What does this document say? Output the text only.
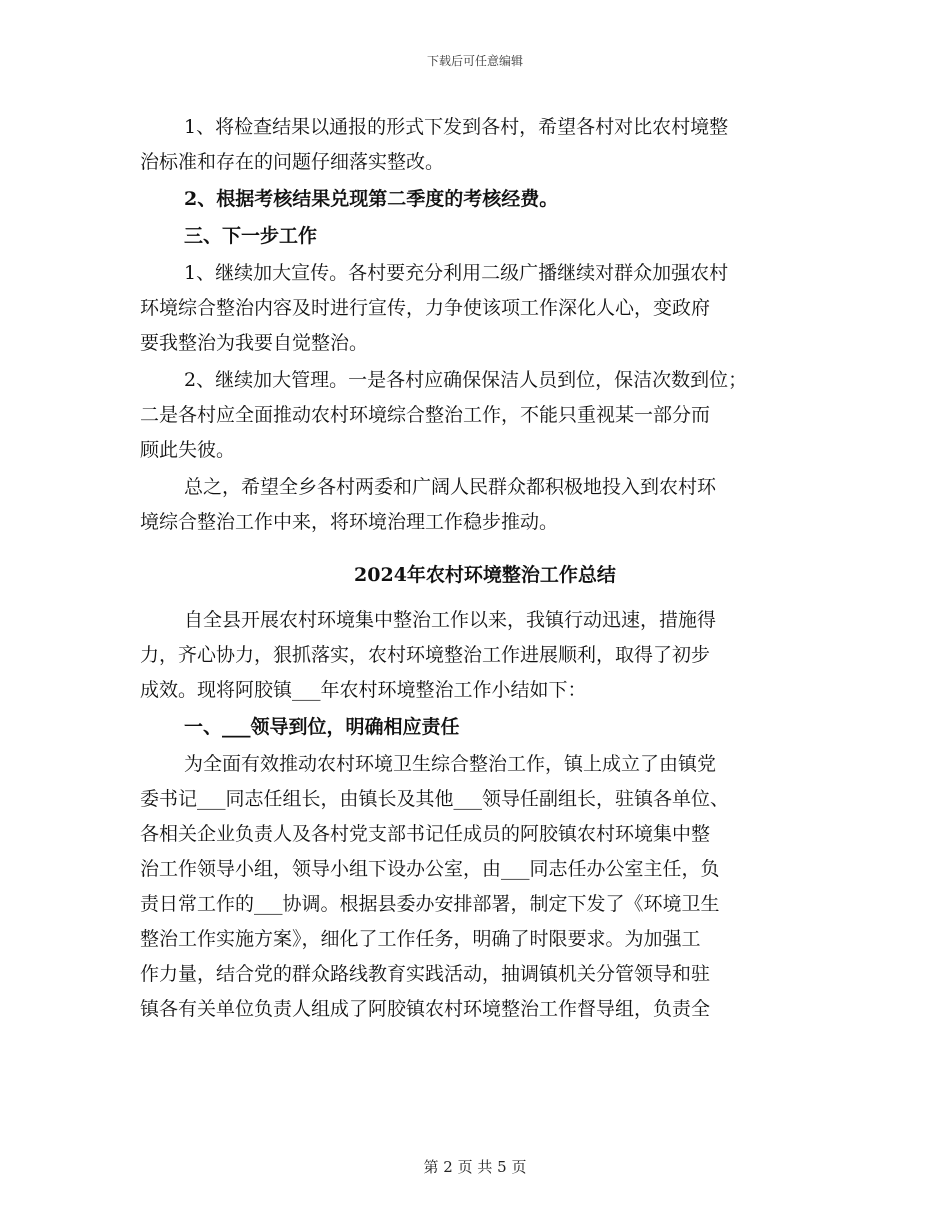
下载后可任意编辑
1、将检查结果以通报的形式下发到各村，希望各村对比农村境整
治标准和存在的问题仔细落实整改。
2、根据考核结果兑现第二季度的考核经费。
三、下一步工作
1、继续加大宣传。各村要充分利用二级广播继续对群众加强农村
环境综合整治内容及时进行宣传，力争使该项工作深化人心，变政府
要我整治为我要自觉整治。
2、继续加大管理。一是各村应确保保洁人员到位，保洁次数到位；
二是各村应全面推动农村环境综合整治工作，不能只重视某一部分而
顾此失彼。
总之，希望全乡各村两委和广阔人民群众都积极地投入到农村环
境综合整治工作中来，将环境治理工作稳步推动。
2024年农村环境整治工作总结
自全县开展农村环境集中整治工作以来，我镇行动迅速，措施得
力，齐心协力，狠抓落实，农村环境整治工作进展顺利，取得了初步
成效。现将阿胶镇___年农村环境整治工作小结如下：
一、___领导到位，明确相应责任
为全面有效推动农村环境卫生综合整治工作，镇上成立了由镇党
委书记___同志任组长，由镇长及其他___领导任副组长，驻镇各单位、
各相关企业负责人及各村党支部书记任成员的阿胶镇农村环境集中整
治工作领导小组，领导小组下设办公室，由___同志任办公室主任，负
责日常工作的___协调。根据县委办安排部署，制定下发了《环境卫生
整治工作实施方案》，细化了工作任务，明确了时限要求。为加强工
作力量，结合党的群众路线教育实践活动，抽调镇机关分管领导和驻
镇各有关单位负责人组成了阿胶镇农村环境整治工作督导组，负责全
第 2 页 共 5 页
